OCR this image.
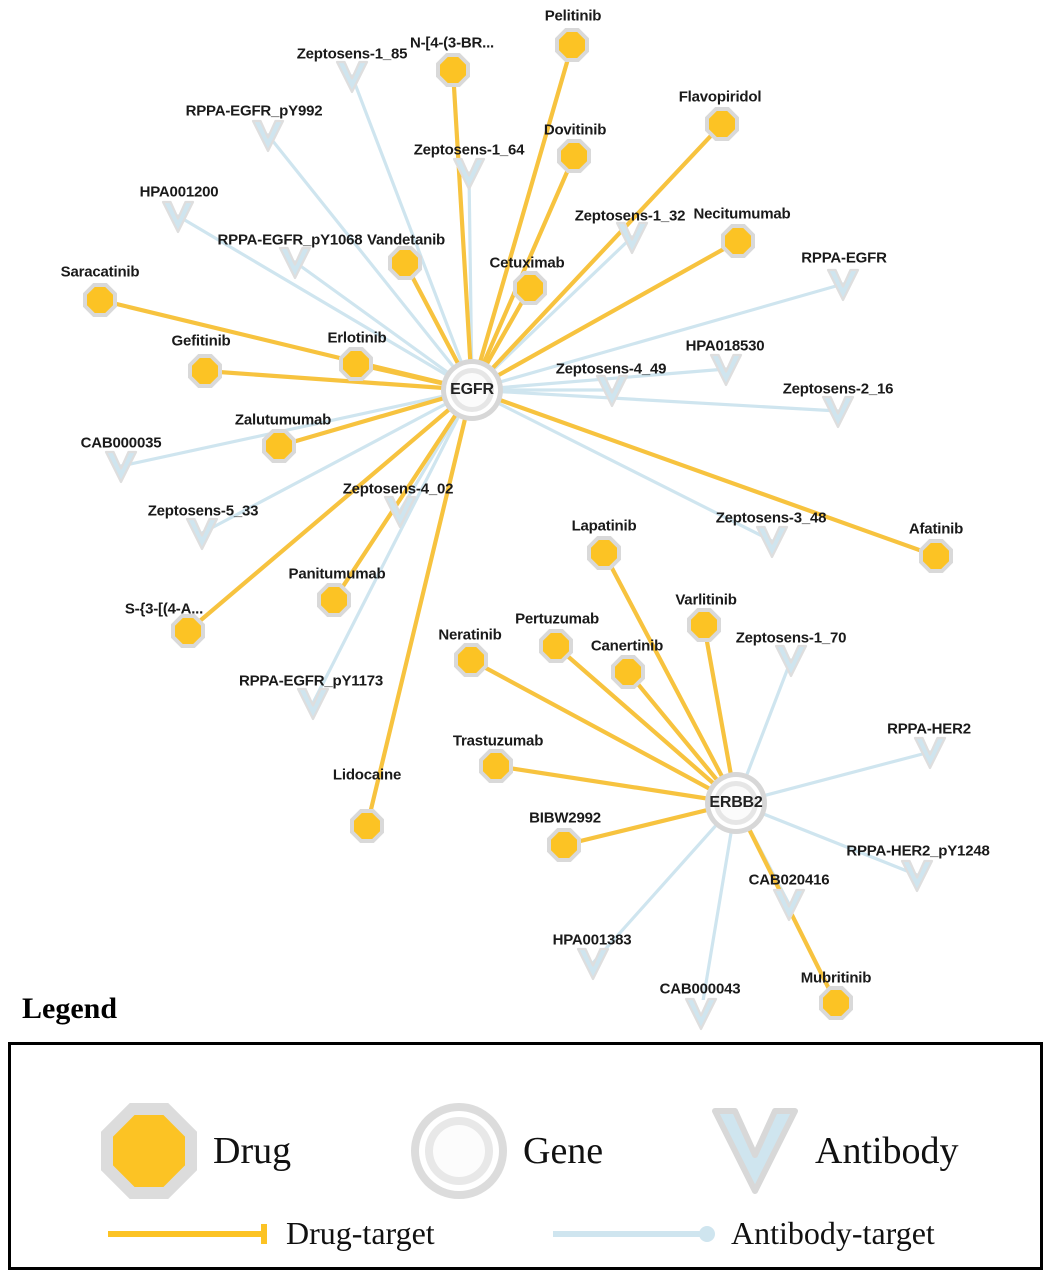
Pelitinib
N-[4-(3-BR...
Flavopiridol
Dovitinib
Necitumumab
Vandetanib
Cetuximab
Saracatinib
Erlotinib
Gefitinib
Zalutumumab
Afatinib
Lapatinib
Varlitinib
Panitumumab
S-{3-[(4-A...
Pertuzumab
Neratinib
Canertinib
Trastuzumab
Lidocaine
BIBW2992
Mubritinib
Zeptosens-1_85
RPPA-EGFR_pY992
Zeptosens-1_64
HPA001200
Zeptosens-1_32
RPPA-EGFR_pY1068
RPPA-EGFR
HPA018530
Zeptosens-4_49
Zeptosens-2_16
CAB000035
Zeptosens-4_02
Zeptosens-5_33	Zeptosens-3_48
Zeptosens-1_70
RPPA-EGFR_pY1173
RPPA-HER2
RPPA-HER2_pY1248
CAB020416
HPA001383
CAB000043
EGFR
ERBB2
Legend
Drug	Gene	Antibody
Drug-target	Antibody-target
